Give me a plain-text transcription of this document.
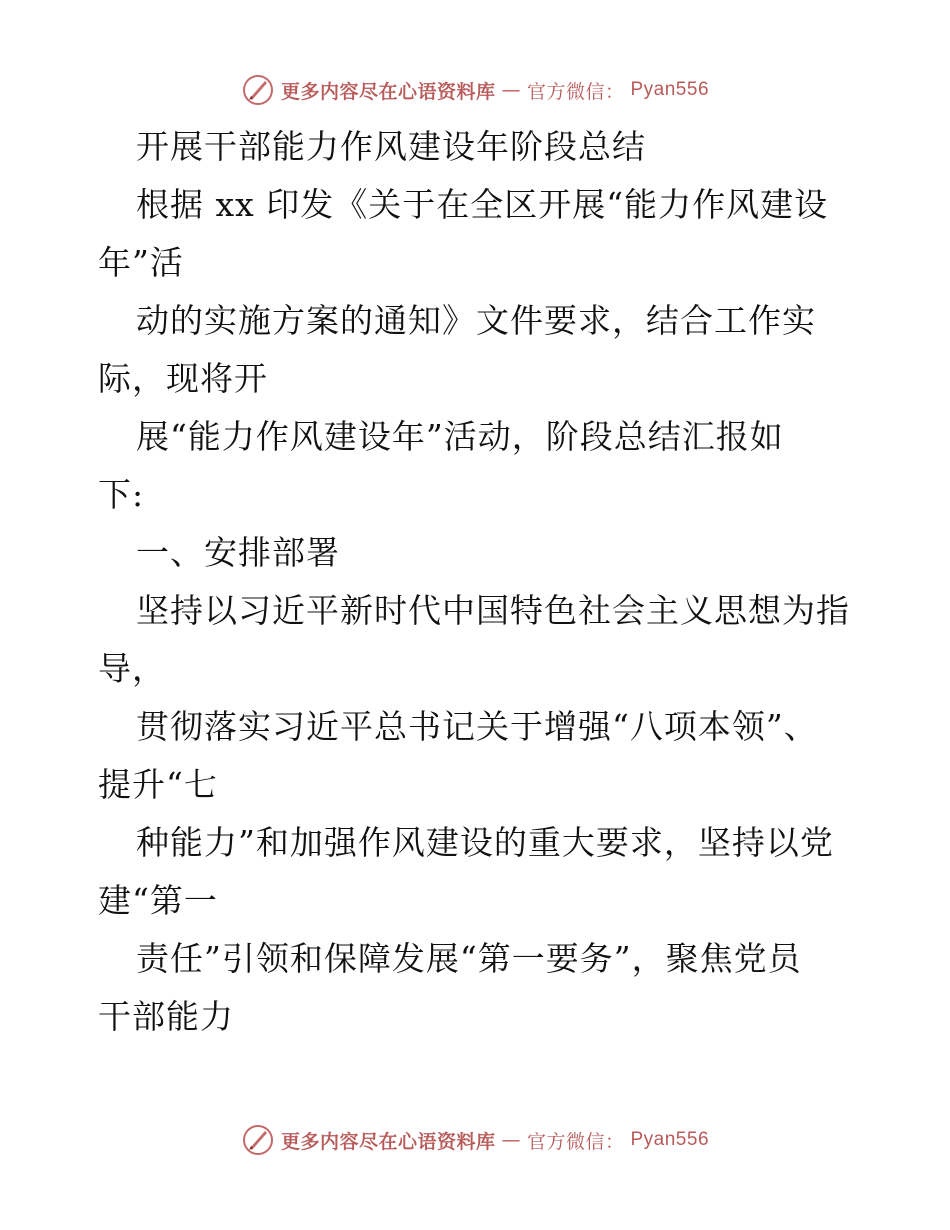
更多内容尽在心语资料库 — 官方微信： Pyan556
开展干部能力作风建设年阶段总结
根据 xx 印发《关于在全区开展“能力作风建设
年”活
动的实施方案的通知》文件要求，结合工作实
际，现将开
展“能力作风建设年”活动，阶段总结汇报如
下:
一、安排部署
坚持以习近平新时代中国特色社会主义思想为指
导，
贯彻落实习近平总书记关于增强“八项本领”、
提升“七
种能力”和加强作风建设的重大要求，坚持以党
建“第一
责任”引领和保障发展“第一要务”，聚焦党员
干部能力
更多内容尽在心语资料库 — 官方微信： Pyan556
